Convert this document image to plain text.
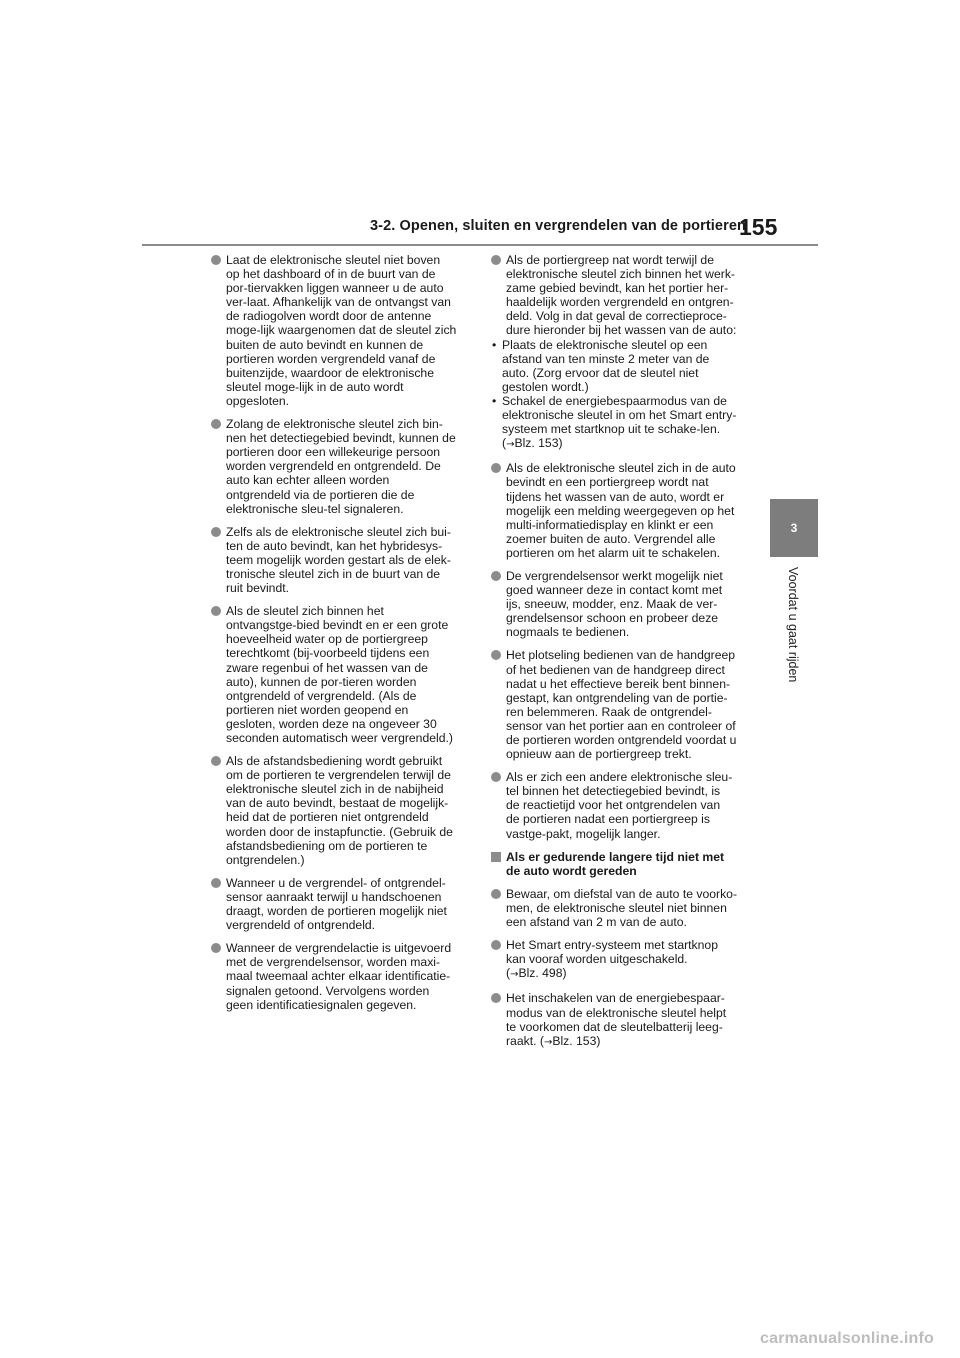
3-2. Openen, sluiten en vergrendelen van de portieren
155
3
Voordat u gaat rijden
Laat de elektronische sleutel niet boven op het dashboard of in de buurt van de por-tiervakken liggen wanneer u de auto ver-laat. Afhankelijk van de ontvangst van de radiogolven wordt door de antenne moge-lijk waargenomen dat de sleutel zich buiten de auto bevindt en kunnen de portieren worden vergrendeld vanaf de buitenzijde, waardoor de elektronische sleutel moge-lijk in de auto wordt opgesloten.
Zolang de elektronische sleutel zich bin-nen het detectiegebied bevindt, kunnen de portieren door een willekeurige persoon worden vergrendeld en ontgrendeld. De auto kan echter alleen worden ontgrendeld via de portieren die de elektronische sleu-tel signaleren.
Zelfs als de elektronische sleutel zich bui-ten de auto bevindt, kan het hybridesys-teem mogelijk worden gestart als de elek-tronische sleutel zich in de buurt van de ruit bevindt.
Als de sleutel zich binnen het ontvangstge-bied bevindt en er een grote hoeveelheid water op de portiergreep terechtkomt (bij-voorbeeld tijdens een zware regenbui of het wassen van de auto), kunnen de por-tieren worden ontgrendeld of vergrendeld. (Als de portieren niet worden geopend en gesloten, worden deze na ongeveer 30 seconden automatisch weer vergrendeld.)
Als de afstandsbediening wordt gebruikt om de portieren te vergrendelen terwijl de elektronische sleutel zich in de nabijheid van de auto bevindt, bestaat de mogelijk-heid dat de portieren niet ontgrendeld worden door de instapfunctie. (Gebruik de afstandsbediening om de portieren te ontgrendelen.)
Wanneer u de vergrendel- of ontgrendel-sensor aanraakt terwijl u handschoenen draagt, worden de portieren mogelijk niet vergrendeld of ontgrendeld.
Wanneer de vergrendelactie is uitgevoerd met de vergrendelsensor, worden maxi-maal tweemaal achter elkaar identificatie-signalen getoond. Vervolgens worden geen identificatiesignalen gegeven.
Als de portiergreep nat wordt terwijl de elektronische sleutel zich binnen het werk-zame gebied bevindt, kan het portier her-haaldelijk worden vergrendeld en ontgren-deld. Volg in dat geval de correctieproce-dure hieronder bij het wassen van de auto:
• Plaats de elektronische sleutel op een afstand van ten minste 2 meter van de auto. (Zorg ervoor dat de sleutel niet gestolen wordt.)
• Schakel de energiebespaarmodus van de elektronische sleutel in om het Smart entry-systeem met startknop uit te schake-len. (→Blz. 153)
Als de elektronische sleutel zich in de auto bevindt en een portiergreep wordt nat tijdens het wassen van de auto, wordt er mogelijk een melding weergegeven op het multi-informatiedisplay en klinkt er een zoemer buiten de auto. Vergrendel alle portieren om het alarm uit te schakelen.
De vergrendelsensor werkt mogelijk niet goed wanneer deze in contact komt met ijs, sneeuw, modder, enz. Maak de ver-grendelsensor schoon en probeer deze nogmaals te bedienen.
Het plotseling bedienen van de handgreep of het bedienen van de handgreep direct nadat u het effectieve bereik bent binnen-gestapt, kan ontgrendeling van de portie-ren belemmeren. Raak de ontgrendel-sensor van het portier aan en controleer of de portieren worden ontgrendeld voordat u opnieuw aan de portiergreep trekt.
Als er zich een andere elektronische sleu-tel binnen het detectiegebied bevindt, is de reactietijd voor het ontgrendelen van de portieren nadat een portiergreep is vastge-pakt, mogelijk langer.
Als er gedurende langere tijd niet met de auto wordt gereden
Bewaar, om diefstal van de auto te voorko-men, de elektronische sleutel niet binnen een afstand van 2 m van de auto.
Het Smart entry-systeem met startknop kan vooraf worden uitgeschakeld.
(→Blz. 498)
Het inschakelen van de energiebespaar-modus van de elektronische sleutel helpt te voorkomen dat de sleutelbatterij leeg-raakt. (→Blz. 153)
carmanualsonline.info
